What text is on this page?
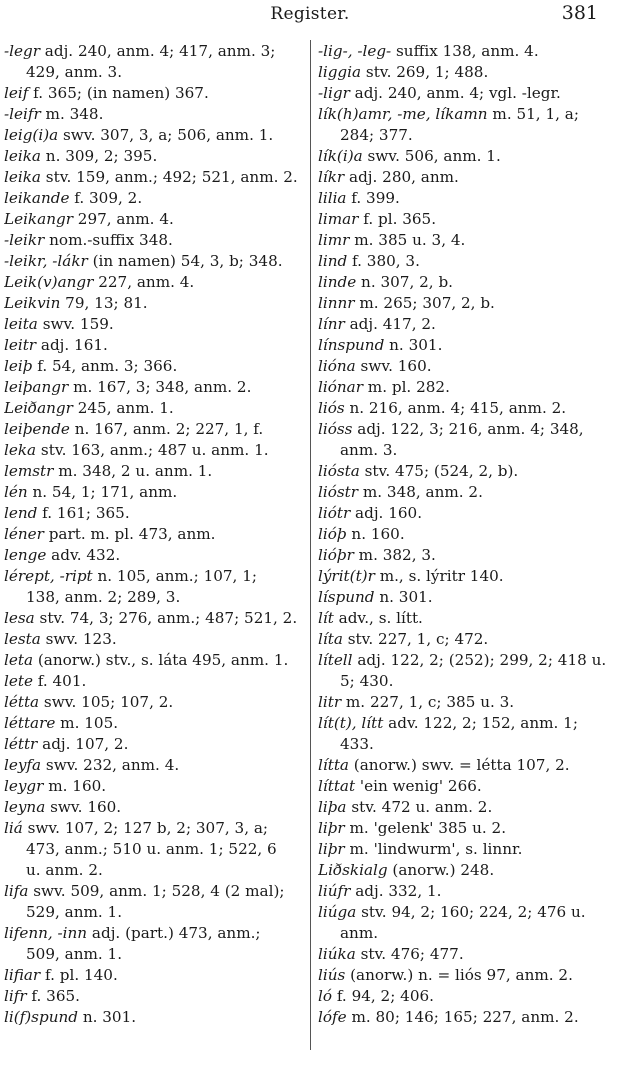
Register.	381
-legr adj. 240, anm. 4; 417, anm. 3;
429, anm. 3.
leif f. 365; (in namen) 367.
-leifr m. 348.
leig(i)a swv. 307, 3, a; 506, anm. 1.
leika n. 309, 2; 395.
leika stv. 159, anm.; 492; 521, anm. 2.
leikande f. 309, 2.
Leikangr 297, anm. 4.
-leikr nom.-suffix 348.
-leikr, -lákr (in namen) 54, 3, b; 348.
Leik(v)angr 227, anm. 4.
Leikvin 79, 13; 81.
leita swv. 159.
leitr adj. 161.
leiþ f. 54, anm. 3; 366.
leiþangr m. 167, 3; 348, anm. 2.
Leiðangr 245, anm. 1.
leiþende n. 167, anm. 2; 227, 1, f.
leka stv. 163, anm.; 487 u. anm. 1.
lemstr m. 348, 2 u. anm. 1.
lén n. 54, 1; 171, anm.
lend f. 161; 365.
léner part. m. pl. 473, anm.
lenge adv. 432.
lérept, -ript n. 105, anm.; 107, 1;
138, anm. 2; 289, 3.
lesa stv. 74, 3; 276, anm.; 487; 521, 2.
lesta swv. 123.
leta (anorw.) stv., s. láta 495, anm. 1.
lete f. 401.
létta swv. 105; 107, 2.
léttare m. 105.
léttr adj. 107, 2.
leyfa swv. 232, anm. 4.
leygr m. 160.
leyna swv. 160.
liá swv. 107, 2; 127 b, 2; 307, 3, a;
473, anm.; 510 u. anm. 1; 522, 6
u. anm. 2.
lifa swv. 509, anm. 1; 528, 4 (2 mal);
529, anm. 1.
lifenn, -inn adj. (part.) 473, anm.;
509, anm. 1.
lifiar f. pl. 140.
lifr f. 365.
li(f)spund n. 301.
-lig-, -leg- suffix 138, anm. 4.
liggia stv. 269, 1; 488.
-ligr adj. 240, anm. 4; vgl. -legr.
lík(h)amr, -me, líkamn m. 51, 1, a;
284; 377.
lík(i)a swv. 506, anm. 1.
líkr adj. 280, anm.
lilia f. 399.
limar f. pl. 365.
limr m. 385 u. 3, 4.
lind f. 380, 3.
linde n. 307, 2, b.
linnr m. 265; 307, 2, b.
línr adj. 417, 2.
línspund n. 301.
lióna swv. 160.
liónar m. pl. 282.
liós n. 216, anm. 4; 415, anm. 2.
lióss adj. 122, 3; 216, anm. 4; 348,
anm. 3.
lióstа stv. 475; (524, 2, b).
lióstr m. 348, anm. 2.
liótr adj. 160.
lióþ n. 160.
lióþr m. 382, 3.
lýrit(t)r m., s. lýritr 140.
líspund n. 301.
lít adv., s. lítt.
líta stv. 227, 1, c; 472.
lítell adj. 122, 2; (252); 299, 2; 418 u.
5; 430.
litr m. 227, 1, c; 385 u. 3.
lít(t), lítt adv. 122, 2; 152, anm. 1;
433.
lítta (anorw.) swv. = létta 107, 2.
líttat 'ein wenig' 266.
liþa stv. 472 u. anm. 2.
liþr m. 'gelenk' 385 u. 2.
liþr m. 'lindwurm', s. linnr.
Liðskialg (anorw.) 248.
liúfr adj. 332, 1.
liúga stv. 94, 2; 160; 224, 2; 476 u.
anm.
liúka stv. 476; 477.
liús (anorw.) n. = liós 97, anm. 2.
ló f. 94, 2; 406.
lófe m. 80; 146; 165; 227, anm. 2.
